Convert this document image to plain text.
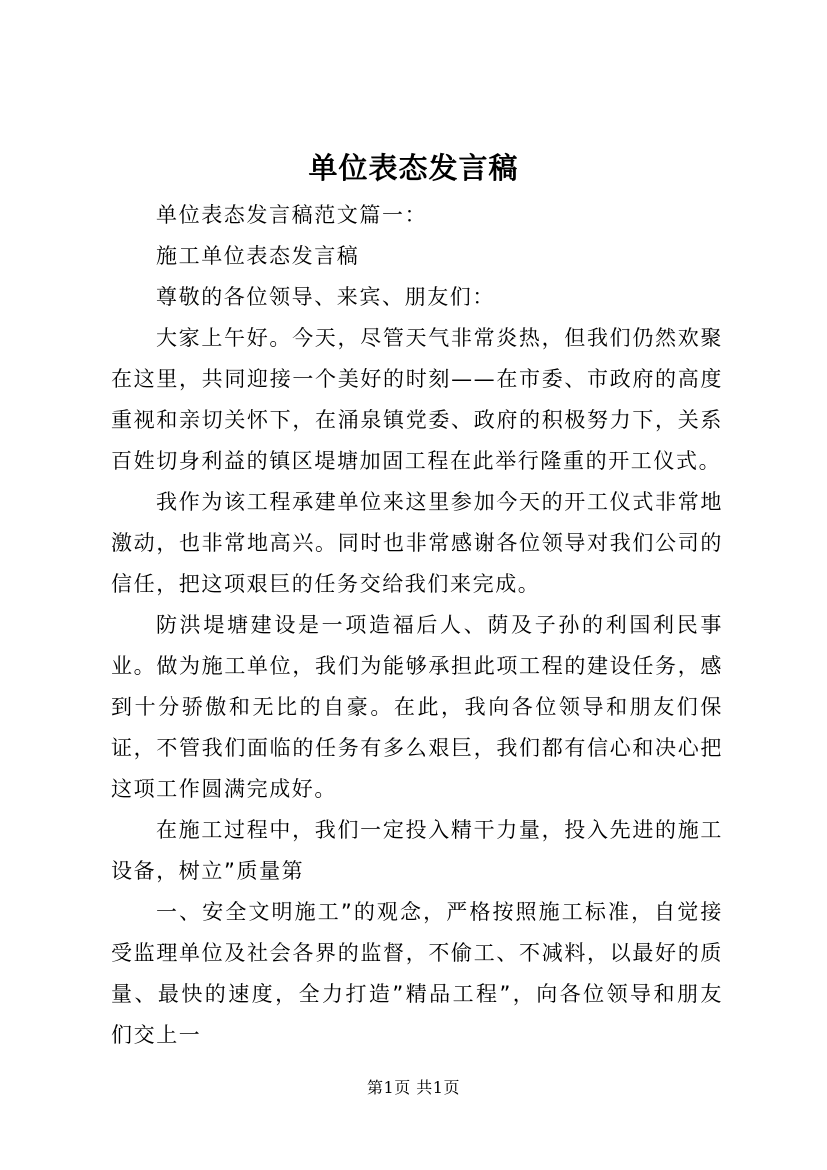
单位表态发言稿

单位表态发言稿范文篇一：

施工单位表态发言稿

尊敬的各位领导、来宾、朋友们：

大家上午好。今天，尽管天气非常炎热，但我们仍然欢聚在这里，共同迎接一个美好的时刻——在市委、市政府的高度重视和亲切关怀下，在涌泉镇党委、政府的积极努力下，关系百姓切身利益的镇区堤塘加固工程在此举行隆重的开工仪式。

我作为该工程承建单位来这里参加今天的开工仪式非常地激动，也非常地高兴。同时也非常感谢各位领导对我们公司的信任，把这项艰巨的任务交给我们来完成。

防洪堤塘建设是一项造福后人、荫及子孙的利国利民事业。做为施工单位，我们为能够承担此项工程的建设任务，感到十分骄傲和无比的自豪。在此，我向各位领导和朋友们保证，不管我们面临的任务有多么艰巨，我们都有信心和决心把这项工作圆满完成好。

在施工过程中，我们一定投入精干力量，投入先进的施工设备，树立”质量第

一、安全文明施工”的观念，严格按照施工标准，自觉接受监理单位及社会各界的监督，不偷工、不减料，以最好的质量、最快的速度，全力打造”精品工程”，向各位领导和朋友们交上一

第1页 共1页
